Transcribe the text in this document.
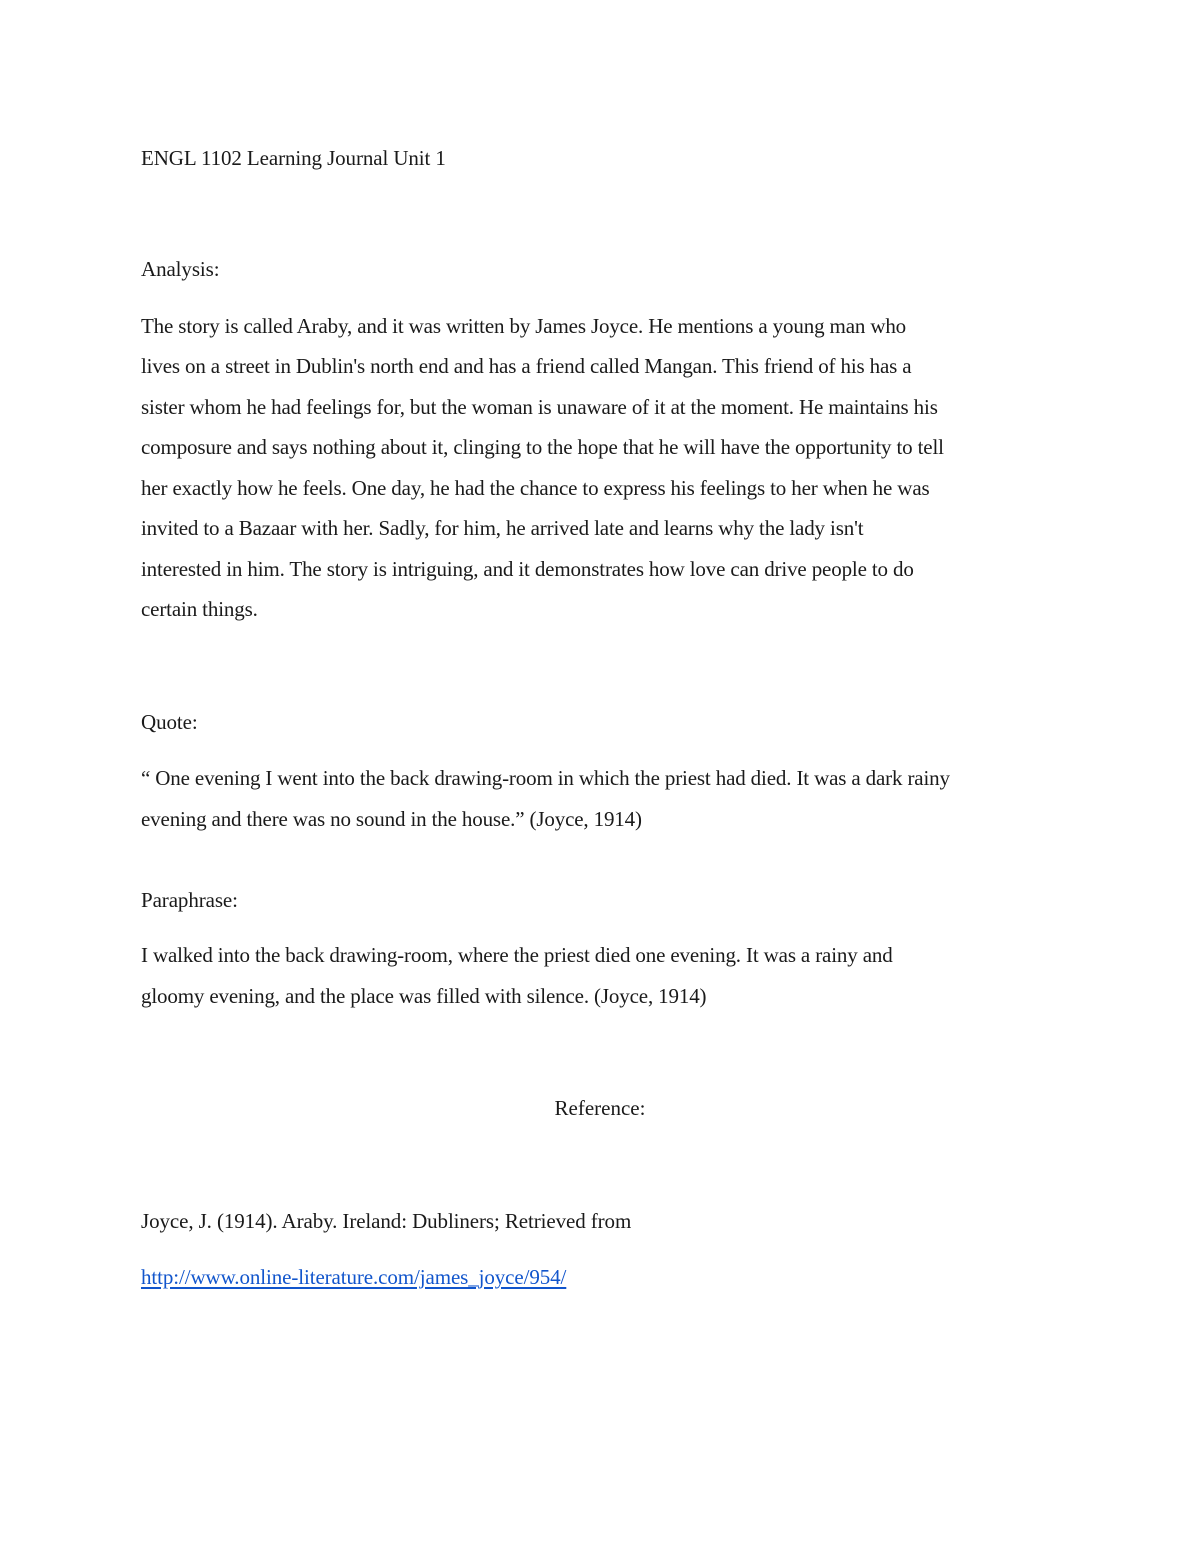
ENGL 1102 Learning Journal Unit 1
Analysis:
The story is called Araby, and it was written by James Joyce. He mentions a young man who
lives on a street in Dublin's north end and has a friend called Mangan. This friend of his has a
sister whom he had feelings for, but the woman is unaware of it at the moment. He maintains his
composure and says nothing about it, clinging to the hope that he will have the opportunity to tell
her exactly how he feels. One day, he had the chance to express his feelings to her when he was
invited to a Bazaar with her. Sadly, for him, he arrived late and learns why the lady isn't
interested in him. The story is intriguing, and it demonstrates how love can drive people to do
certain things.
Quote:
“ One evening I went into the back drawing-room in which the priest had died. It was a dark rainy
evening and there was no sound in the house.” (Joyce, 1914)
Paraphrase:
I walked into the back drawing-room, where the priest died one evening. It was a rainy and
gloomy evening, and the place was filled with silence. (Joyce, 1914)
Reference:
Joyce, J. (1914). Araby. Ireland: Dubliners; Retrieved from
http://www.online-literature.com/james_joyce/954/
